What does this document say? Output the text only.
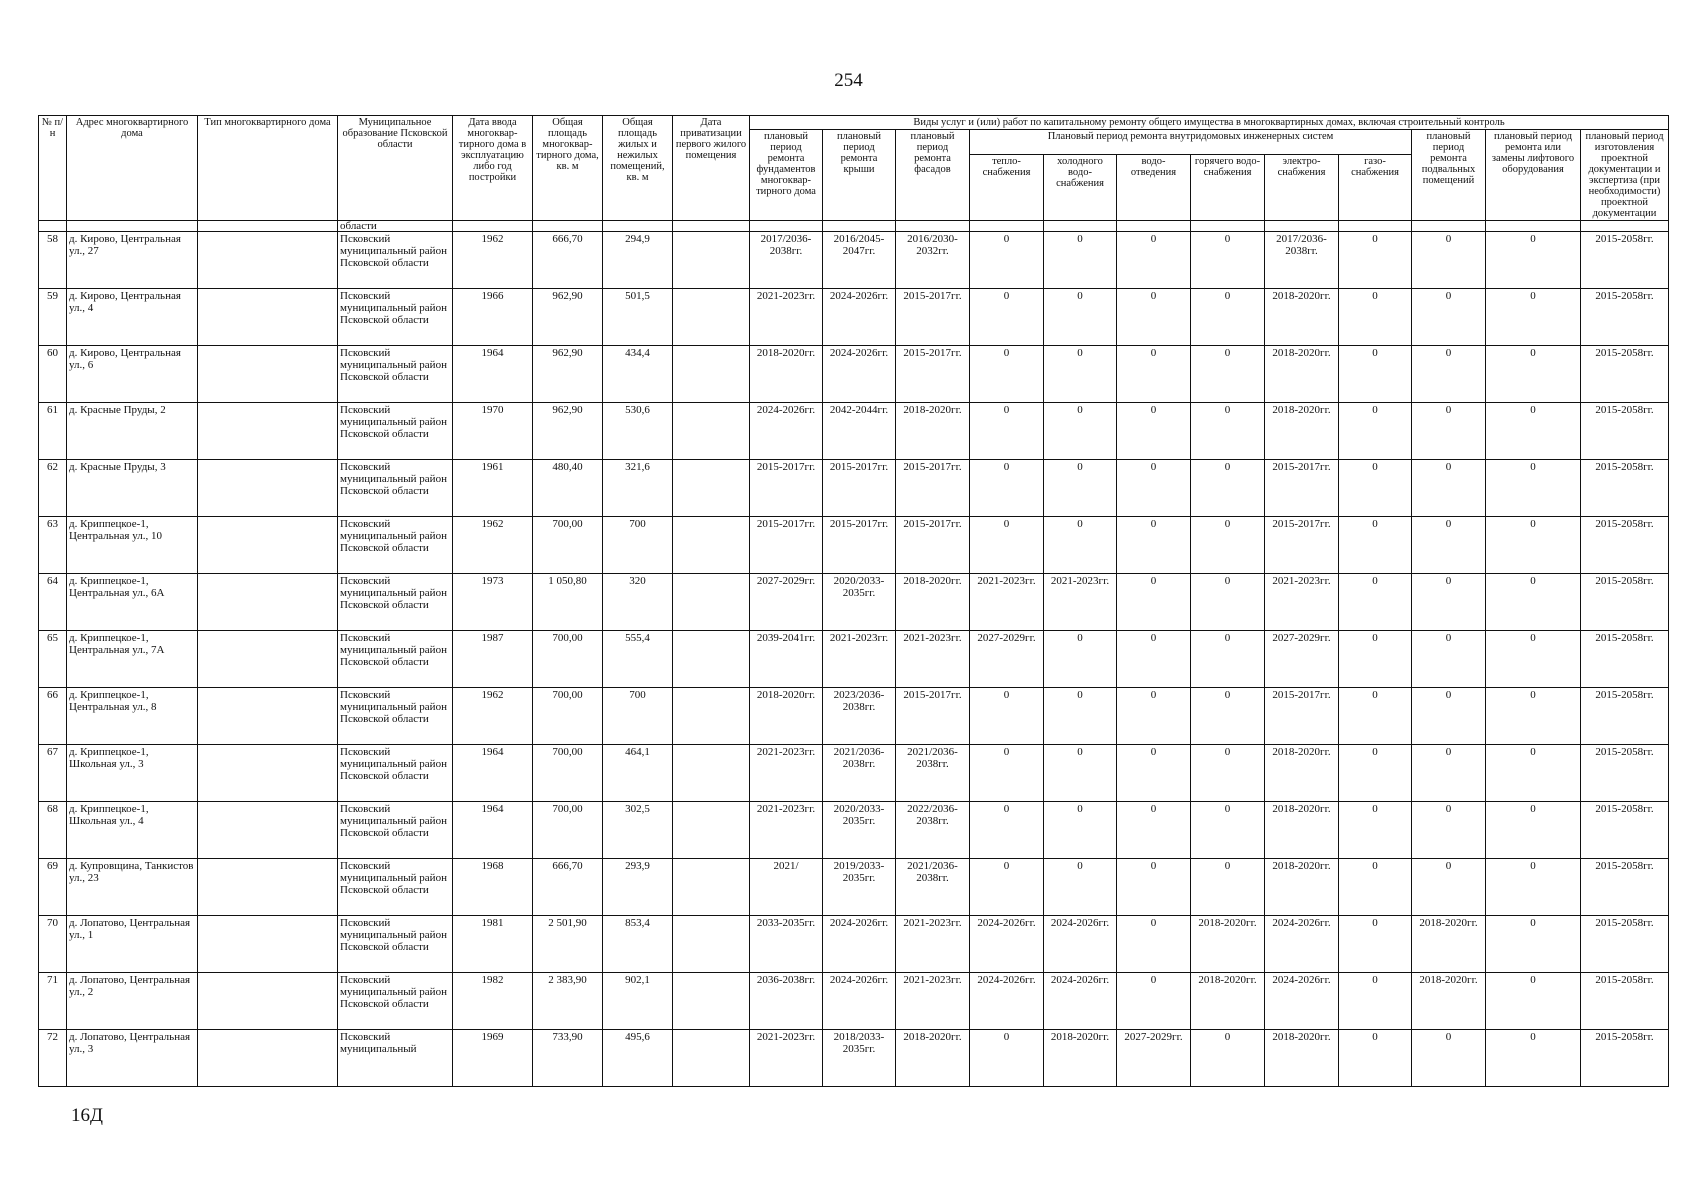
254
№ п/н	Адрес многоквартирного дома	Тип многоквартирного дома	Муниципальное образование Псковской области	Дата ввода многоквар-тирного дома в эксплуатацию либо год постройки	Общая площадь многоквар-тирного дома, кв. м	Общая площадь жилых и нежилых помещений, кв. м	Дата приватизации первого жилого помещения	Виды услуг и (или) работ по капитальному ремонту общего имущества в многоквартирных домах, включая строительный контроль											
								плановый период ремонта фундаментов многоквар-тирного дома	плановый период ремонта крыши	плановый период ремонта фасадов	Плановый период ремонта внутридомовых инженерных систем						плановый период ремонта подвальных помещений	плановый период ремонта или замены лифтового оборудования	плановый период изготовления проектной документации и экспертиза (при необходимости) проектной документации
											тепло-снабжения	холодного водо-снабжения	водо-отведения	горячего водо-снабжения	электро-снабжения	газо-снабжения			
			области																
58	д. Кирово, Центральная ул., 27		Псковский муниципальный район Псковской области	1962	666,70	294,9		2017/2036-2038гг.	2016/2045-2047гг.	2016/2030-2032гг.	0	0	0	0	2017/2036-2038гг.	0	0	0	2015-2058гг.
59	д. Кирово, Центральная ул., 4		Псковский муниципальный район Псковской области	1966	962,90	501,5		2021-2023гг.	2024-2026гг.	2015-2017гг.	0	0	0	0	2018-2020гг.	0	0	0	2015-2058гг.
60	д. Кирово, Центральная ул., 6		Псковский муниципальный район Псковской области	1964	962,90	434,4		2018-2020гг.	2024-2026гг.	2015-2017гг.	0	0	0	0	2018-2020гг.	0	0	0	2015-2058гг.
61	д. Красные Пруды, 2		Псковский муниципальный район Псковской области	1970	962,90	530,6		2024-2026гг.	2042-2044гг.	2018-2020гг.	0	0	0	0	2018-2020гг.	0	0	0	2015-2058гг.
62	д. Красные Пруды, 3		Псковский муниципальный район Псковской области	1961	480,40	321,6		2015-2017гг.	2015-2017гг.	2015-2017гг.	0	0	0	0	2015-2017гг.	0	0	0	2015-2058гг.
63	д. Криппецкое-1, Центральная ул., 10		Псковский муниципальный район Псковской области	1962	700,00	700		2015-2017гг.	2015-2017гг.	2015-2017гг.	0	0	0	0	2015-2017гг.	0	0	0	2015-2058гг.
64	д. Криппецкое-1, Центральная ул., 6А		Псковский муниципальный район Псковской области	1973	1 050,80	320		2027-2029гг.	2020/2033-2035гг.	2018-2020гг.	2021-2023гг.	2021-2023гг.	0	0	2021-2023гг.	0	0	0	2015-2058гг.
65	д. Криппецкое-1, Центральная ул., 7А		Псковский муниципальный район Псковской области	1987	700,00	555,4		2039-2041гг.	2021-2023гг.	2021-2023гг.	2027-2029гг.	0	0	0	2027-2029гг.	0	0	0	2015-2058гг.
66	д. Криппецкое-1, Центральная ул., 8		Псковский муниципальный район Псковской области	1962	700,00	700		2018-2020гг.	2023/2036-2038гг.	2015-2017гг.	0	0	0	0	2015-2017гг.	0	0	0	2015-2058гг.
67	д. Криппецкое-1, Школьная ул., 3		Псковский муниципальный район Псковской области	1964	700,00	464,1		2021-2023гг.	2021/2036-2038гг.	2021/2036-2038гг.	0	0	0	0	2018-2020гг.	0	0	0	2015-2058гг.
68	д. Криппецкое-1, Школьная ул., 4		Псковский муниципальный район Псковской области	1964	700,00	302,5		2021-2023гг.	2020/2033-2035гг.	2022/2036-2038гг.	0	0	0	0	2018-2020гг.	0	0	0	2015-2058гг.
69	д. Купровщина, Танкистов ул., 23		Псковский муниципальный район Псковской области	1968	666,70	293,9		2021/	2019/2033-2035гг.	2021/2036-2038гг.	0	0	0	0	2018-2020гг.	0	0	0	2015-2058гг.
70	д. Лопатово, Центральная ул., 1		Псковский муниципальный район Псковской области	1981	2 501,90	853,4		2033-2035гг.	2024-2026гг.	2021-2023гг.	2024-2026гг.	2024-2026гг.	0	2018-2020гг.	2024-2026гг.	0	2018-2020гг.	0	2015-2058гг.
71	д. Лопатово, Центральная ул., 2		Псковский муниципальный район Псковской области	1982	2 383,90	902,1		2036-2038гг.	2024-2026гг.	2021-2023гг.	2024-2026гг.	2024-2026гг.	0	2018-2020гг.	2024-2026гг.	0	2018-2020гг.	0	2015-2058гг.

72	д. Лопатово, Центральная ул., 3		Псковский муниципальный	1969	733,90	495,6		2021-2023гг.	2018/2033-2035гг.	2018-2020гг.	0	2018-2020гг.	2027-2029гг.	0	2018-2020гг.	0	0	0	2015-2058гг.
16Д
